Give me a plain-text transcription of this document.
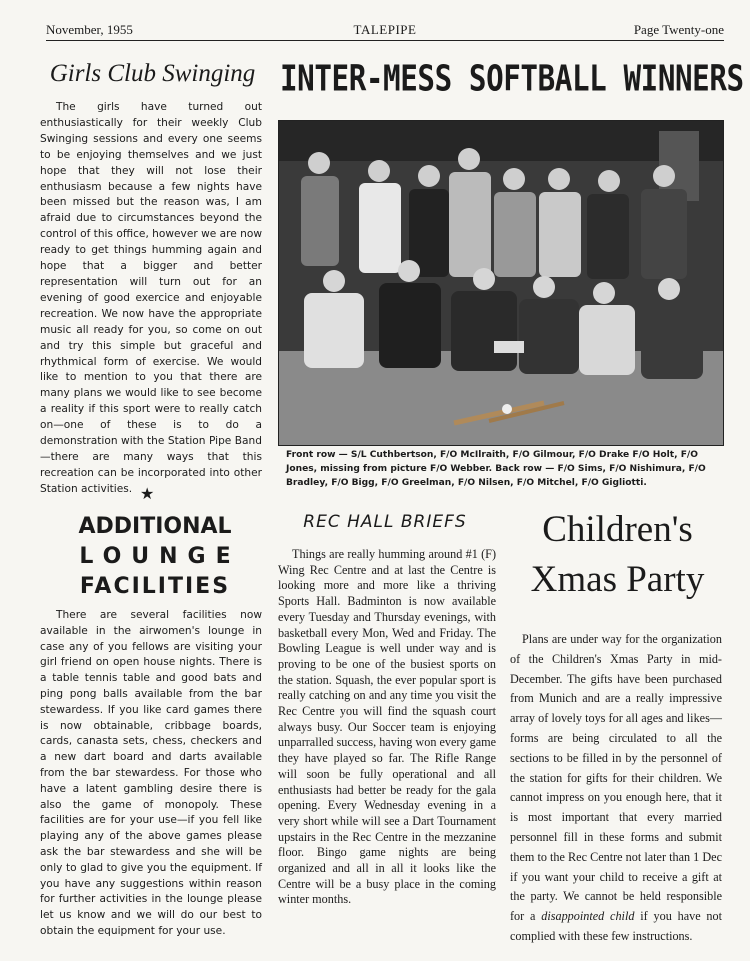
November, 1955	TALEPIPE	Page Twenty-one
Girls Club Swinging

The girls have turned out enthusiastically for their weekly Club Swinging sessions and every one seems to be enjoying themselves and we just hope that they will not lose their enthusiasm because a few nights have been missed but the reason was, I am afraid due to circumstances beyond the control of this office, however we are now ready to get things humming again and hope that a bigger and better representation will turn out for an evening of good exercice and enjoyable recreation. We now have the appropriate music all ready for you, so come on out and try this simple but graceful and rhythmical form of exercise. We would like to mention to you that there are many plans we would like to see become a reality if this sport were to really catch on—one of these is to do a demonstration with the Station Pipe Band—there are many ways that this recreation can be incorporated into other Station activities. ★
INTER-MESS SOFTBALL WINNERS

Front row — S/L Cuthbertson, F/O McIlraith, F/O Gilmour, F/O Drake F/O Holt, F/O Jones, missing from picture F/O Webber. Back row — F/O Sims, F/O Nishimura, F/O Bradley, F/O Bigg, F/O Greelman, F/O Nilsen, F/O Mitchel, F/O Gigliotti.

ADDITIONAL
LOUNGE
FACILITIES

There are several facilities now available in the airwomen's lounge in case any of you fellows are visiting your girl friend on open house nights. There is a table tennis table and good bats and ping pong balls available from the bar stewardess. If you like card games there is now obtainable, cribbage boards, cards, canasta sets, chess, checkers and a new dart board and darts available from the bar stewardess. For those who have a latent gambling desire there is also the game of monopoly. These facilities are for your use—if you fell like playing any of the above games please ask the bar stewardess and she will be only to glad to give you the equipment. If you have any suggestions within reason for further activities in the lounge please let us know and we will do our best to obtain the equipment for your use.

REC HALL BRIEFS

Things are really humming around #1 (F) Wing Rec Centre and at last the Centre is looking more and more like a thriving Sports Hall. Badminton is now available every Tuesday and Thursday evenings, with basketball every Mon, Wed and Friday. The Bowling League is well under way and is proving to be one of the busiest sports on the station. Squash, the ever popular sport is really catching on and any time you visit the Rec Centre you will find the squash court always busy. Our Soccer team is enjoying unparralled success, having won every game they have played so far. The Rifle Range will soon be fully operational and all enthusiasts had better be ready for the gala opening. Every Wednesday evening in a very short while will see a Dart Tournament upstairs in the Rec Centre in the mezzanine floor. Bingo game nights are being organized and all in all it looks like the Centre will be a busy place in the coming winter months.

Children's
Xmas Party

Plans are under way for the organization of the Children's Xmas Party in mid-December. The gifts have been purchased from Munich and are a really impressive array of lovely toys for all ages and likes—forms are being circulated to all the sections to be filled in by the personnel of the station for gifts for their children. We cannot impress on you enough here, that it is most important that every married personnel fill in these forms and submit them to the Rec Centre not later than 1 Dec if you want your child to receive a gift at the party. We cannot be held responsible for a disappointed child if you have not complied with these few instructions.
